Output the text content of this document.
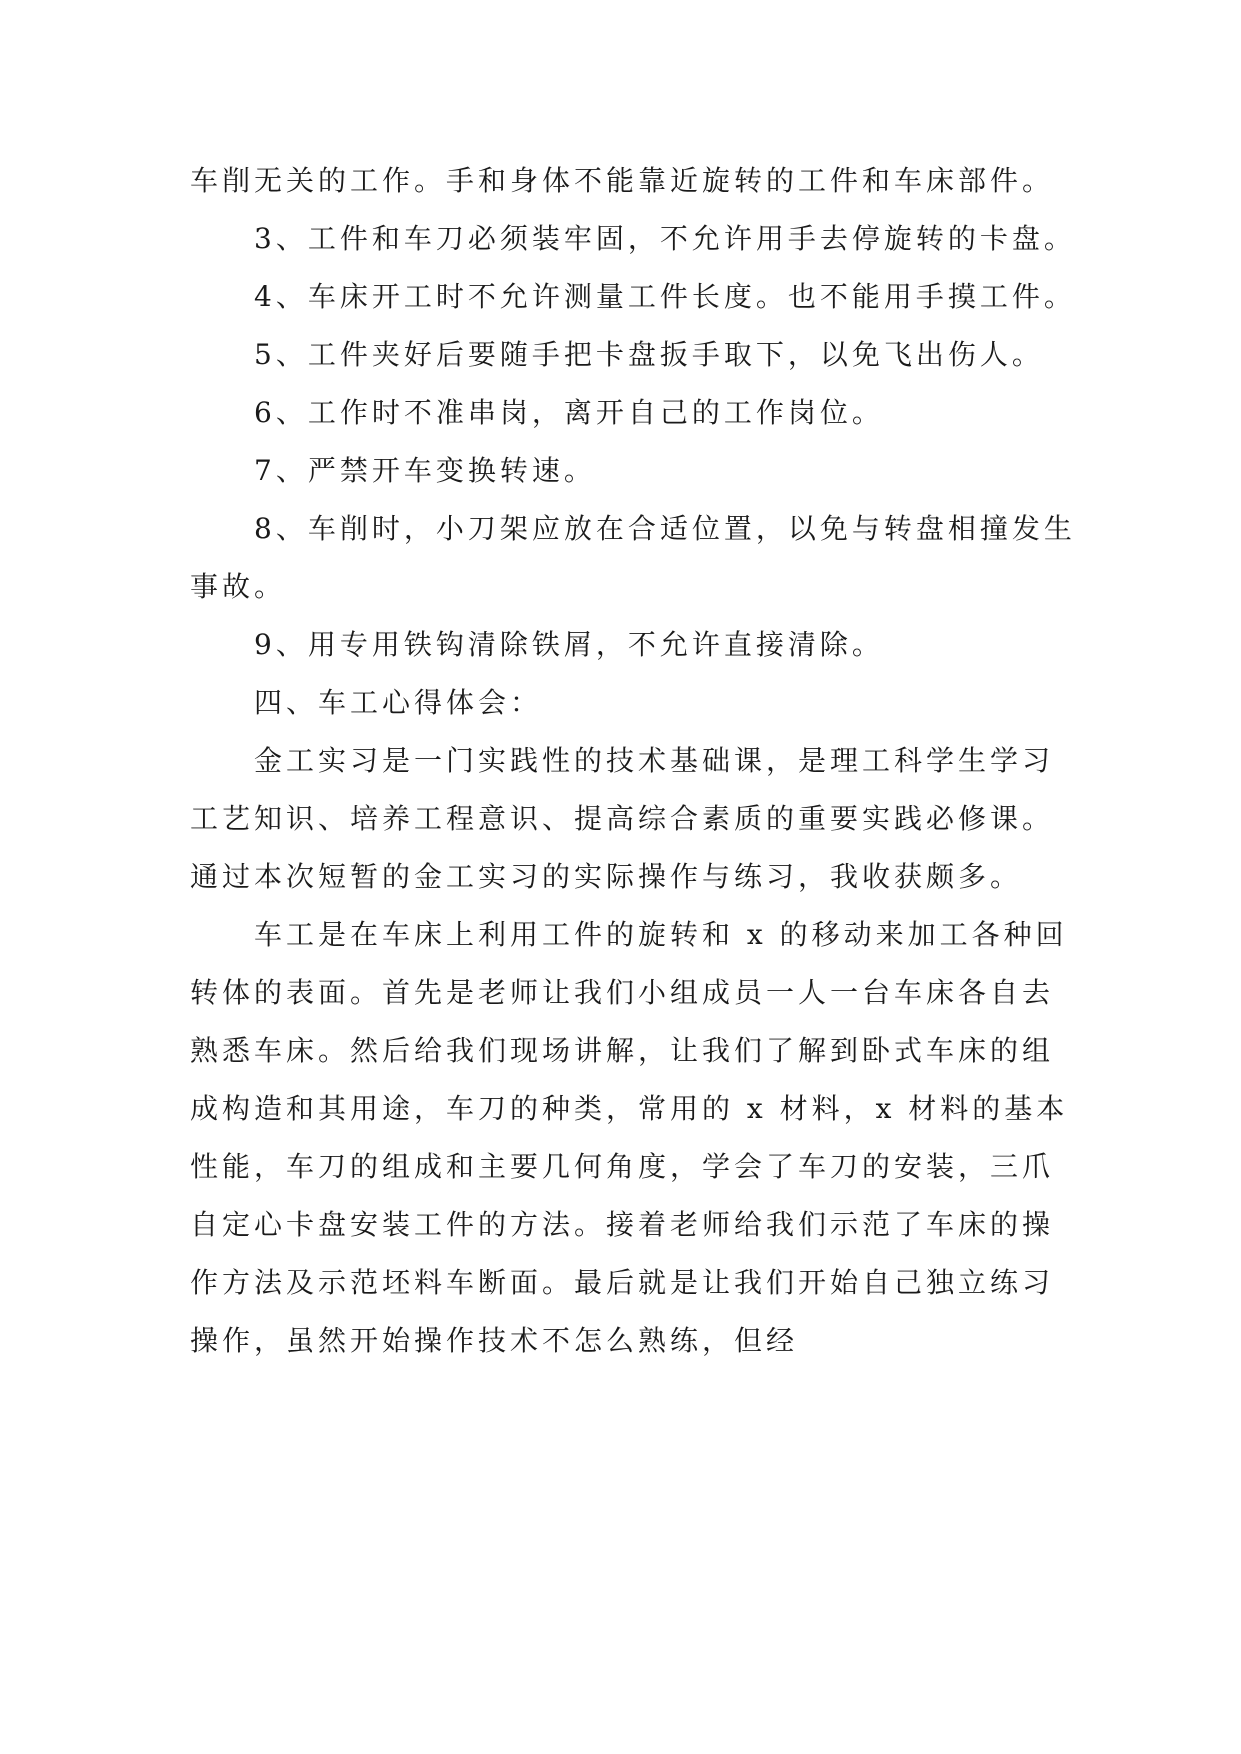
车削无关的工作。手和身体不能靠近旋转的工件和车床部件。

3、工件和车刀必须装牢固，不允许用手去停旋转的卡盘。

4、车床开工时不允许测量工件长度。也不能用手摸工件。

5、工件夹好后要随手把卡盘扳手取下，以免飞出伤人。

6、工作时不准串岗，离开自己的工作岗位。

7、严禁开车变换转速。

8、车削时，小刀架应放在合适位置，以免与转盘相撞发生事故。

9、用专用铁钩清除铁屑，不允许直接清除。

四、车工心得体会：

金工实习是一门实践性的技术基础课，是理工科学生学习工艺知识、培养工程意识、提高综合素质的重要实践必修课。通过本次短暂的金工实习的实际操作与练习，我收获颇多。

车工是在车床上利用工件的旋转和 x 的移动来加工各种回转体的表面。首先是老师让我们小组成员一人一台车床各自去熟悉车床。然后给我们现场讲解，让我们了解到卧式车床的组成构造和其用途，车刀的种类，常用的 x 材料，x 材料的基本性能，车刀的组成和主要几何角度，学会了车刀的安装，三爪自定心卡盘安装工件的方法。接着老师给我们示范了车床的操作方法及示范坯料车断面。最后就是让我们开始自己独立练习操作，虽然开始操作技术不怎么熟练，但经
